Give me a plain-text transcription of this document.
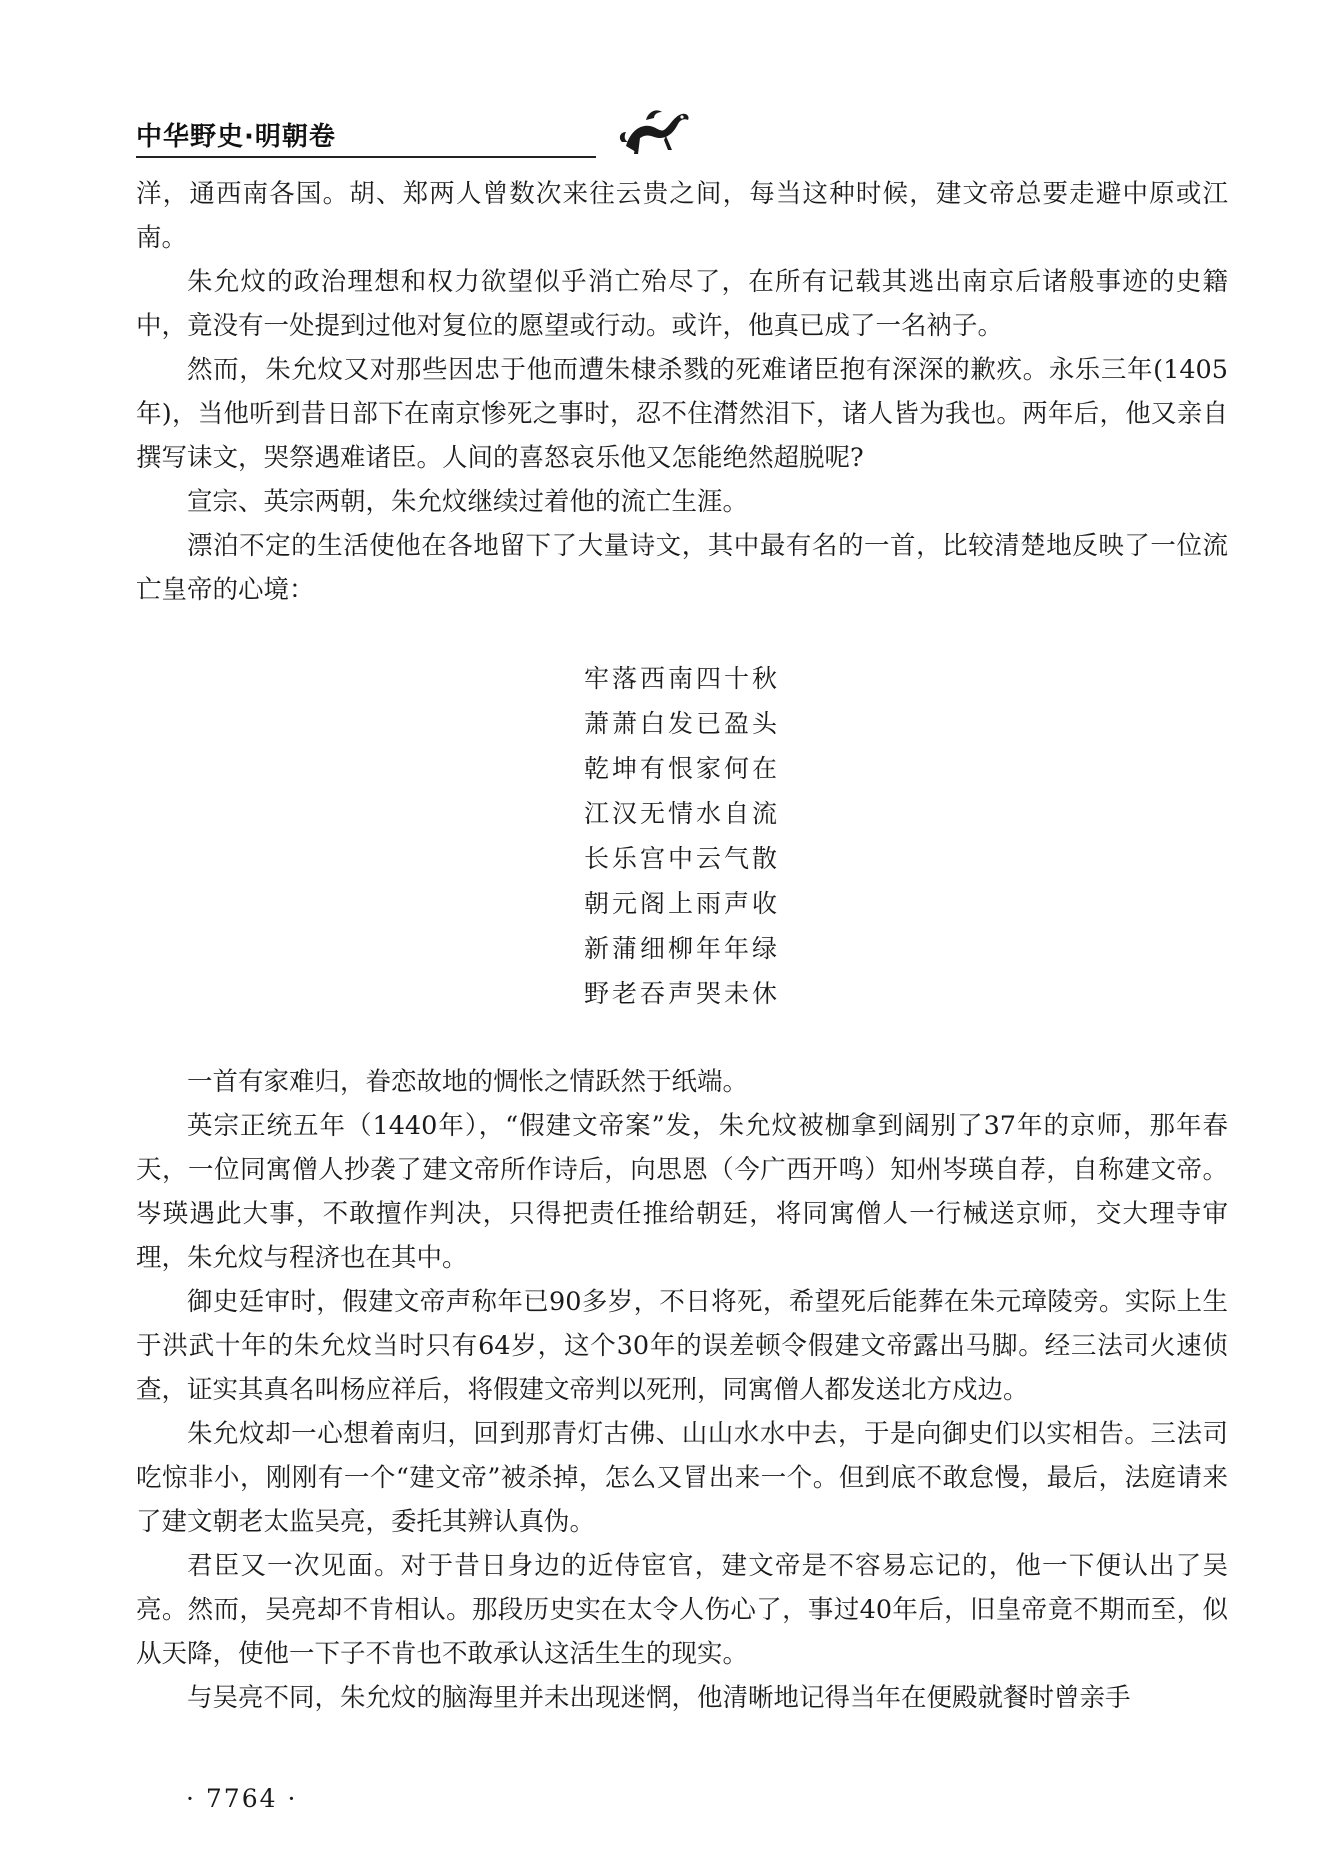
中华野史·明朝卷

洋，通西南各国。胡、郑两人曾数次来往云贵之间，每当这种时候，建文帝总要走避中原或江南。

朱允炆的政治理想和权力欲望似乎消亡殆尽了，在所有记载其逃出南京后诸般事迹的史籍中，竟没有一处提到过他对复位的愿望或行动。或许，他真已成了一名衲子。

然而，朱允炆又对那些因忠于他而遭朱棣杀戮的死难诸臣抱有深深的歉疚。永乐三年(1405年)，当他听到昔日部下在南京惨死之事时，忍不住潸然泪下，诸人皆为我也。两年后，他又亲自撰写诔文，哭祭遇难诸臣。人间的喜怒哀乐他又怎能绝然超脱呢?

宣宗、英宗两朝，朱允炆继续过着他的流亡生涯。

漂泊不定的生活使他在各地留下了大量诗文，其中最有名的一首，比较清楚地反映了一位流亡皇帝的心境：

牢落西南四十秋
萧萧白发已盈头
乾坤有恨家何在
江汉无情水自流
长乐宫中云气散
朝元阁上雨声收
新蒲细柳年年绿
野老吞声哭未休

一首有家难归，眷恋故地的惆怅之情跃然于纸端。

英宗正统五年（1440年），“假建文帝案”发，朱允炆被枷拿到阔别了37年的京师，那年春天，一位同寓僧人抄袭了建文帝所作诗后，向思恩（今广西开鸣）知州岑瑛自荐，自称建文帝。岑瑛遇此大事，不敢擅作判决，只得把责任推给朝廷，将同寓僧人一行械送京师，交大理寺审理，朱允炆与程济也在其中。

御史廷审时，假建文帝声称年已90多岁，不日将死，希望死后能葬在朱元璋陵旁。实际上生于洪武十年的朱允炆当时只有64岁，这个30年的误差顿令假建文帝露出马脚。经三法司火速侦查，证实其真名叫杨应祥后，将假建文帝判以死刑，同寓僧人都发送北方戍边。

朱允炆却一心想着南归，回到那青灯古佛、山山水水中去，于是向御史们以实相告。三法司吃惊非小，刚刚有一个“建文帝”被杀掉，怎么又冒出来一个。但到底不敢怠慢，最后，法庭请来了建文朝老太监吴亮，委托其辨认真伪。

君臣又一次见面。对于昔日身边的近侍宦官，建文帝是不容易忘记的，他一下便认出了吴亮。然而，吴亮却不肯相认。那段历史实在太令人伤心了，事过40年后，旧皇帝竟不期而至，似从天降，使他一下子不肯也不敢承认这活生生的现实。

与吴亮不同，朱允炆的脑海里并未出现迷惘，他清晰地记得当年在便殿就餐时曾亲手

· 7764 ·
